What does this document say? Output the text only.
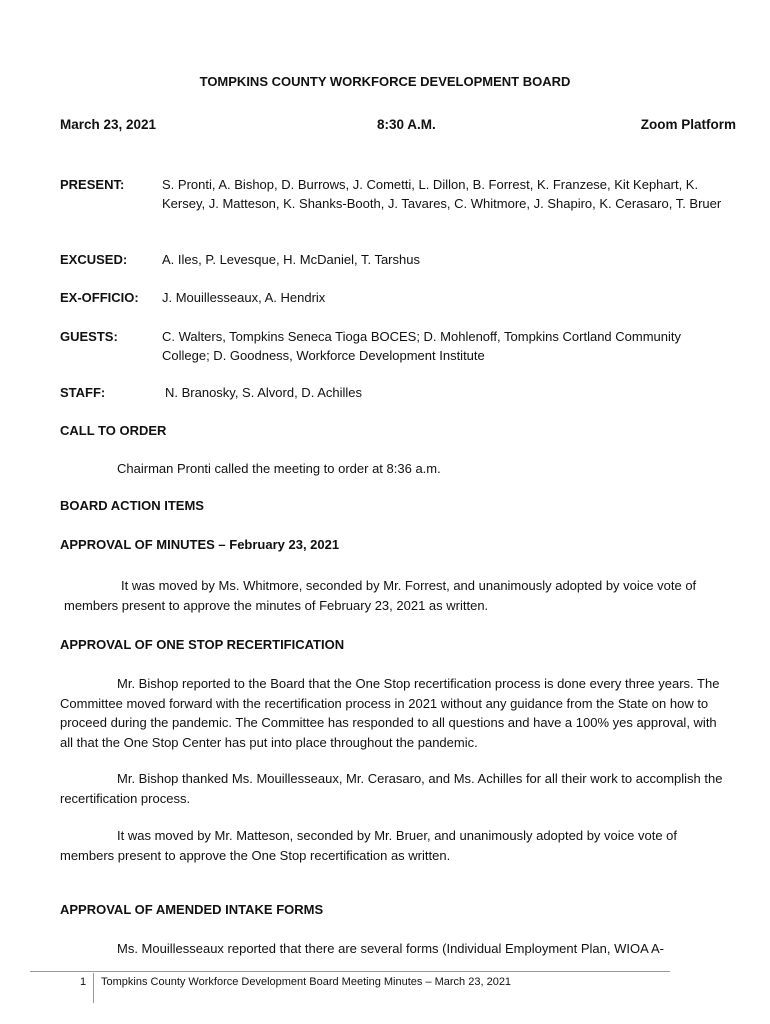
TOMPKINS COUNTY WORKFORCE DEVELOPMENT BOARD
March 23, 2021	8:30 A.M.	Zoom Platform
PRESENT:	S. Pronti, A. Bishop, D. Burrows, J. Cometti, L. Dillon, B. Forrest, K. Franzese, Kit Kephart, K. Kersey, J. Matteson, K. Shanks-Booth, J. Tavares, C. Whitmore, J. Shapiro, K. Cerasaro, T. Bruer
EXCUSED:	A. Iles, P. Levesque, H. McDaniel, T. Tarshus
EX-OFFICIO: J. Mouillesseaux, A. Hendrix
GUESTS:	C. Walters, Tompkins Seneca Tioga BOCES; D. Mohlenoff, Tompkins Cortland Community College; D. Goodness, Workforce Development Institute
STAFF:	N. Branosky, S. Alvord, D. Achilles
CALL TO ORDER
Chairman Pronti called the meeting to order at 8:36 a.m.
BOARD ACTION ITEMS
APPROVAL OF MINUTES – February 23, 2021
It was moved by Ms. Whitmore, seconded by Mr. Forrest, and unanimously adopted by voice vote of members present to approve the minutes of February 23, 2021 as written.
APPROVAL OF ONE STOP RECERTIFICATION
Mr. Bishop reported to the Board that the One Stop recertification process is done every three years. The Committee moved forward with the recertification process in 2021 without any guidance from the State on how to proceed during the pandemic. The Committee has responded to all questions and have a 100% yes approval, with all that the One Stop Center has put into place throughout the pandemic.
Mr. Bishop thanked Ms. Mouillesseaux, Mr. Cerasaro, and Ms. Achilles for all their work to accomplish the recertification process.
It was moved by Mr. Matteson, seconded by Mr. Bruer, and unanimously adopted by voice vote of members present to approve the One Stop recertification as written.
APPROVAL OF AMENDED INTAKE FORMS
Ms. Mouillesseaux reported that there are several forms (Individual Employment Plan, WIOA A-
1 Tompkins County Workforce Development Board Meeting Minutes – March 23, 2021
